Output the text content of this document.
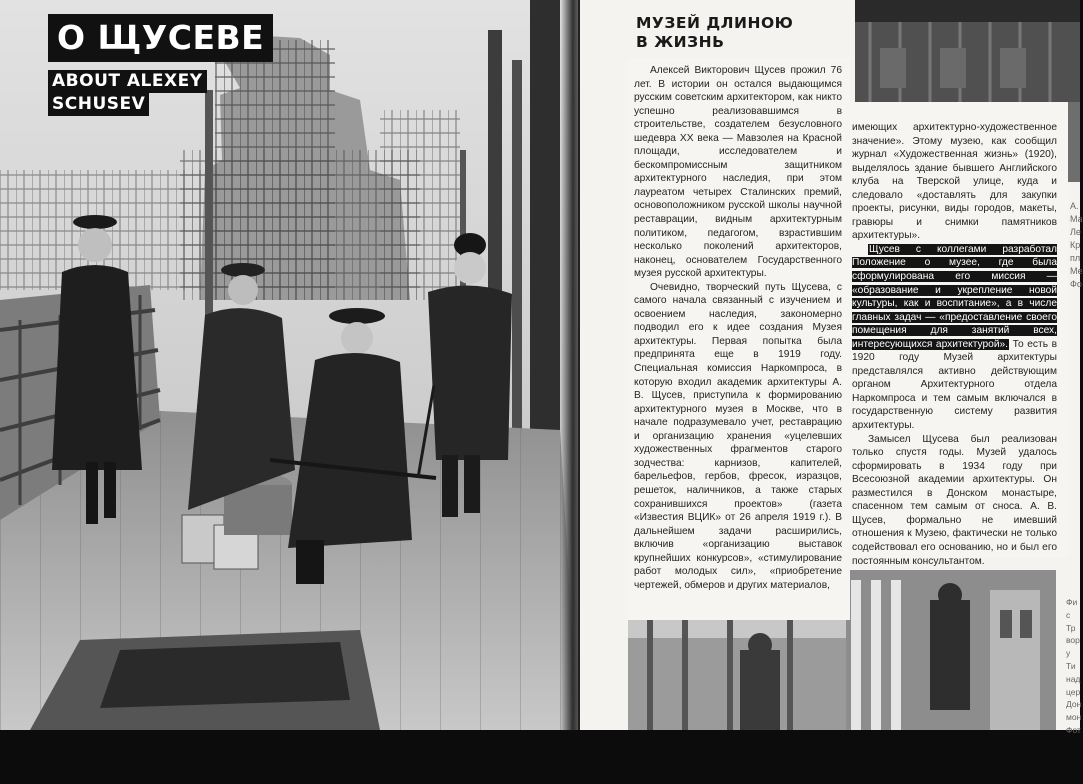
О ЩУСЕВЕ
ABOUT ALEXEY
SCHUSEV
МУЗЕЙ ДЛИНОЮ
В ЖИЗНЬ

Алексей Викторович Щусев прожил 76 лет. В истории он остался выдающимся русским советским архитектором, как никто успешно реализовавшимся в строительстве, создателем безусловного шедевра XX века — Мавзолея на Красной площади, исследователем и бескомпромиссным защитником архитектурного наследия, при этом лауреатом четырех Сталинских премий, основоположником русской школы научной реставрации, видным архитектурным политиком, педагогом, взрастившим несколько поколений архитекторов, наконец, основателем Государственного музея русской архитектуры.

Очевидно, творческий путь Щусева, с самого начала связанный с изучением и освоением наследия, закономерно подводил его к идее создания Музея архитектуры. Первая попытка была предпринята еще в 1919 году. Специальная комиссия Наркомпроса, в которую входил академик архитектуры А. В. Щусев, приступила к формированию архитектурного музея в Москве, что в начале подразумевало учет, реставрацию и организацию хранения «уцелевших художественных фрагментов старого зодчества: карнизов, капителей, барельефов, гербов, фресок, изразцов, решеток, наличников, а также старых сохранившихся проектов» (газета «Известия ВЦИК» от 26 апреля 1919 г.). В дальнейшем задачи расширились, включив «организацию выставок крупнейших конкурсов», «стимулирование работ молодых сил», «приобретение чертежей, обмеров и других материалов,

имеющих архитектурно-художественное значение». Этому музею, как сообщил журнал «Художественная жизнь» (1920), выделялось здание бывшего Английского клуба на Тверской улице, куда и следовало «доставлять для закупки проекты, рисунки, виды городов, макеты, гравюры и снимки памятников архитектуры».

Щусев с коллегами разработал Положение о музее, где была сформулирована его миссия — «образование и укрепление новой культуры, как и воспитание», а в числе главных задач — «предоставление своего помещения для занятий всех, интересующихся архитектурой». То есть в 1920 году Музей архитектуры представлялся активно действующим органом Архитектурного отдела Наркомпроса и тем самым включался в государственную систему развития архитектуры.

Замысел Щусева был реализован только спустя годы. Музей удалось сформировать в 1934 году при Всесоюзной академии архитектуры. Он разместился в Донском монастыре, спасенном тем самым от сноса. А. В. Щусев, формально не имевший отношения к Музею, фактически не только содействовал его основанию, но и был его постоянным консультантом.

А. Ма Ле Кр пл Ме Фо
Фи с Тр вор у Ти над цер Дон мон Фот
